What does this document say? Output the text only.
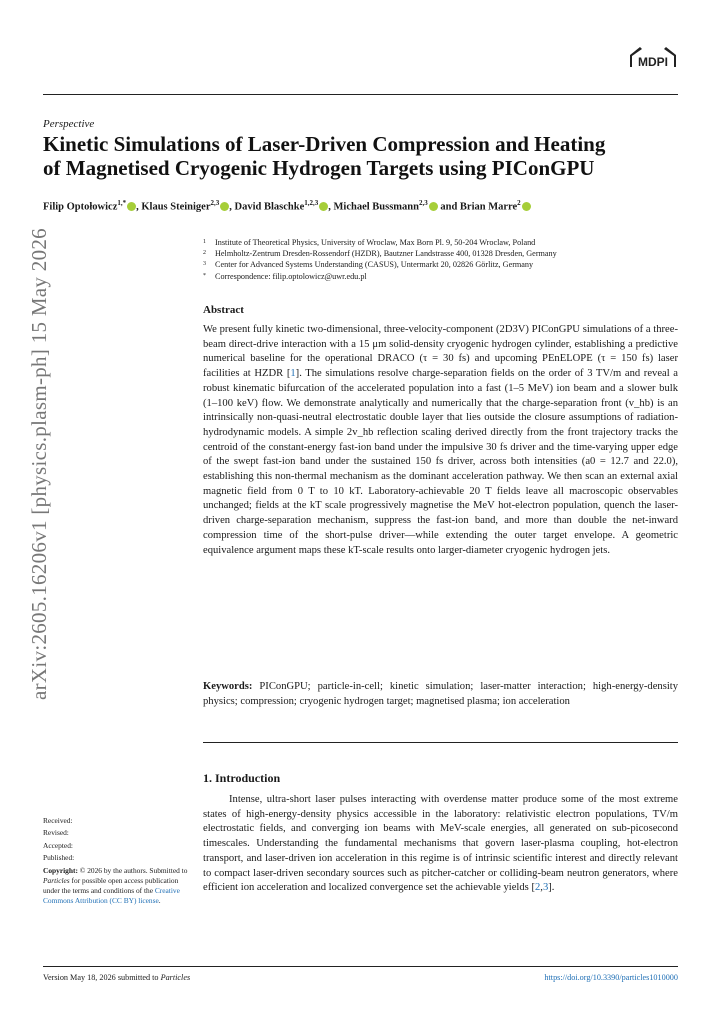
MDPI
arXiv:2605.16206v1 [physics.plasm-ph] 15 May 2026
Perspective
Kinetic Simulations of Laser-Driven Compression and Heating
of Magnetised Cryogenic Hydrogen Targets using PIConGPU
Filip Optołowicz$^{1,*}$ , Klaus Steiniger$^{2,3}$ , David Blaschke$^{1,2,3}$ , Michael Bussmann$^{2,3}$ and Brian Marre$^2$
$^1$ Institute of Theoretical Physics, University of Wroclaw, Max Born Pl. 9, 50-204 Wroclaw, Poland
$^2$ Helmholtz-Zentrum Dresden-Rossendorf (HZDR), Bautzner Landstrasse 400, 01328 Dresden, Germany
$^3$ Center for Advanced Systems Understanding (CASUS), Untermarkt 20, 02826 Görlitz, Germany
* Correspondence: filip.optolowicz@uwr.edu.pl
Abstract
We present fully kinetic two-dimensional, three-velocity-component (2D3V) PIConGPU simulations of a three-beam direct-drive interaction with a 15 μm solid-density cryogenic hydrogen cylinder, establishing a predictive numerical baseline for the operational DRACO (τ = 30 fs) and upcoming PEnELOPE (τ = 150 fs) laser facilities at HZDR [1]. The simulations resolve charge-separation fields on the order of 3 TV/m and reveal a robust kinematic bifurcation of the accelerated population into a fast (1–5 MeV) ion beam and a slower bulk (1–100 keV) flow. We demonstrate analytically and numerically that the charge-separation front (v_hb) is an intrinsically non-quasi-neutral electrostatic double layer that lies outside the closure assumptions of radiation-hydrodynamic models. A simple 2v_hb reflection scaling derived directly from the front trajectory tracks the centroid of the constant-energy fast-ion band under the impulsive 30 fs driver and the time-varying upper edge of the swept fast-ion band under the sustained 150 fs driver, across both intensities (a0 = 12.7 and 22.0), establishing this non-thermal mechanism as the dominant acceleration pathway. We then scan an external axial magnetic field from 0 T to 10 kT. Laboratory-achievable 20 T fields leave all macroscopic observables unchanged; fields at the kT scale progressively magnetise the MeV hot-electron population, quench the laser-driven charge-separation mechanism, suppress the fast-ion band, and more than double the net-inward compression time of the short-pulse driver—while extending the outer target envelope. A geometric equivalence argument maps these kT-scale results onto larger-diameter cryogenic hydrogen jets.
Keywords: PIConGPU; particle-in-cell; kinetic simulation; laser-matter interaction; high-energy-density physics; compression; cryogenic hydrogen target; magnetised plasma; ion acceleration
1. Introduction
Intense, ultra-short laser pulses interacting with overdense matter produce some of the most extreme states of high-energy-density physics accessible in the laboratory: relativistic electron populations, TV/m electrostatic fields, and converging ion beams with MeV-scale energies, all generated on sub-picosecond timescales. Understanding the fundamental mechanisms that govern laser-plasma coupling, hot-electron transport, and laser-driven ion acceleration in this regime is of intrinsic scientific interest and directly relevant to compact laser-driven secondary sources such as pitcher-catcher or colliding-beam neutron generators, where efficient ion acceleration and localized convergence set the achievable yields [2,3].
Received:
Revised:
Accepted:
Published:
Copyright: © 2026 by the authors. Submitted to Particles for possible open access publication under the terms and conditions of the Creative Commons Attribution (CC BY) license.
Version May 18, 2026 submitted to Particles	https://doi.org/10.3390/particles1010000
